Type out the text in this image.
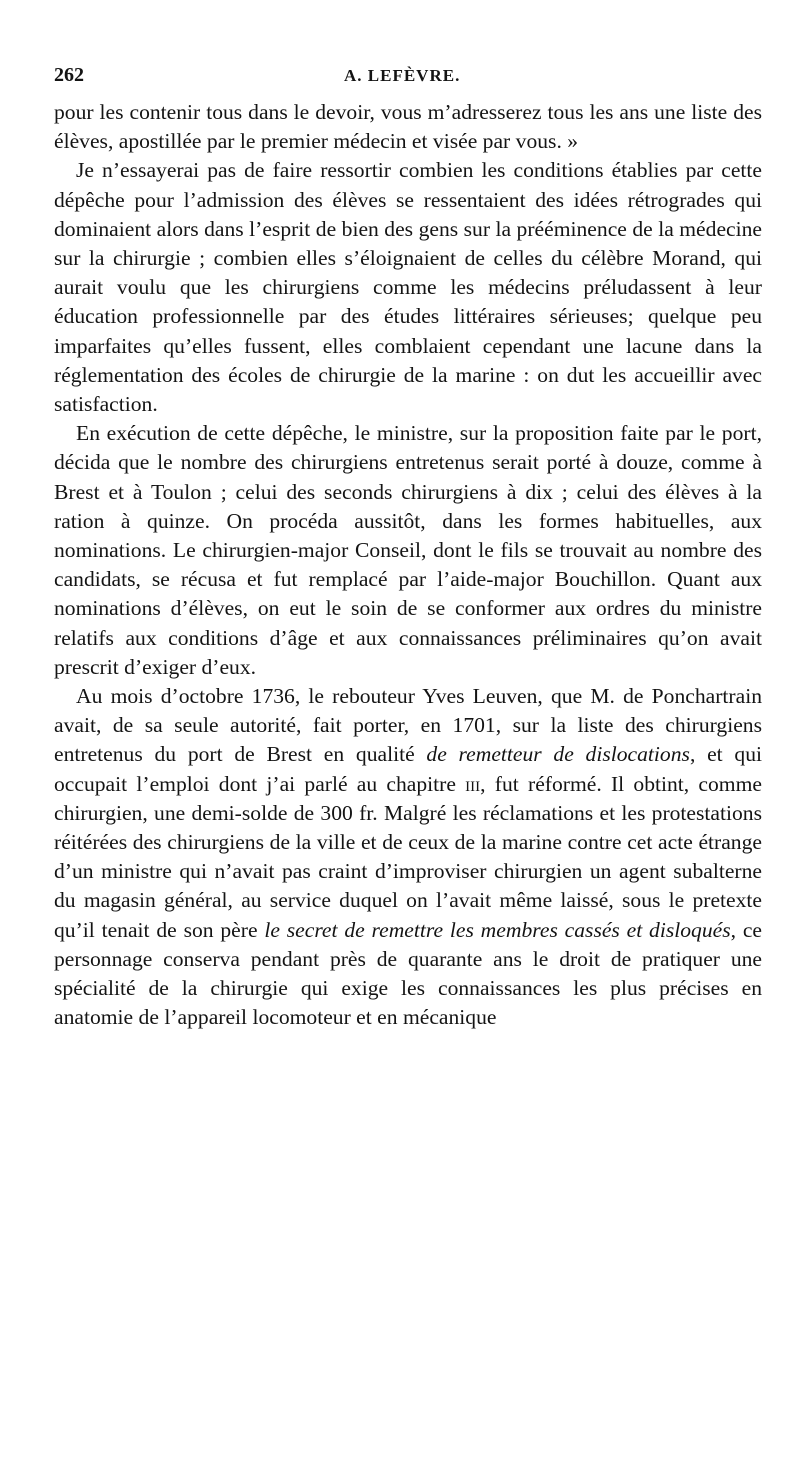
262	A. LEFÈVRE.

pour les contenir tous dans le devoir, vous m’adresserez tous les ans une liste des élèves, apostillée par le premier médecin et visée par vous. »

Je n’essayerai pas de faire ressortir combien les conditions établies par cette dépêche pour l’admission des élèves se ressentaient des idées rétrogrades qui dominaient alors dans l’esprit de bien des gens sur la prééminence de la médecine sur la chirurgie ; combien elles s’éloignaient de celles du célèbre Morand, qui aurait voulu que les chirurgiens comme les médecins préludassent à leur éducation professionnelle par des études littéraires sérieuses; quelque peu imparfaites qu’elles fussent, elles comblaient cependant une lacune dans la réglementation des écoles de chirurgie de la marine : on dut les accueillir avec satisfaction.

En exécution de cette dépêche, le ministre, sur la proposition faite par le port, décida que le nombre des chirurgiens entretenus serait porté à douze, comme à Brest et à Toulon ; celui des seconds chirurgiens à dix ; celui des élèves à la ration à quinze. On procéda aussitôt, dans les formes habituelles, aux nominations. Le chirurgien-major Conseil, dont le fils se trouvait au nombre des candidats, se récusa et fut remplacé par l’aide-major Bouchillon. Quant aux nominations d’élèves, on eut le soin de se conformer aux ordres du ministre relatifs aux conditions d’âge et aux connaissances préliminaires qu’on avait prescrit d’exiger d’eux.

Au mois d’octobre 1736, le rebouteur Yves Leuven, que M. de Ponchartrain avait, de sa seule autorité, fait porter, en 1701, sur la liste des chirurgiens entretenus du port de Brest en qualité de remetteur de dislocations, et qui occupait l’emploi dont j’ai parlé au chapitre iii, fut réformé. Il obtint, comme chirurgien, une demi-solde de 300 fr. Malgré les réclamations et les protestations réitérées des chirurgiens de la ville et de ceux de la marine contre cet acte étrange d’un ministre qui n’avait pas craint d’improviser chirurgien un agent subalterne du magasin général, au service duquel on l’avait même laissé, sous le pretexte qu’il tenait de son père le secret de remettre les membres cassés et disloqués, ce personnage conserva pendant près de quarante ans le droit de pratiquer une spécialité de la chirurgie qui exige les connaissances les plus précises en anatomie de l’appareil locomoteur et en mécanique
